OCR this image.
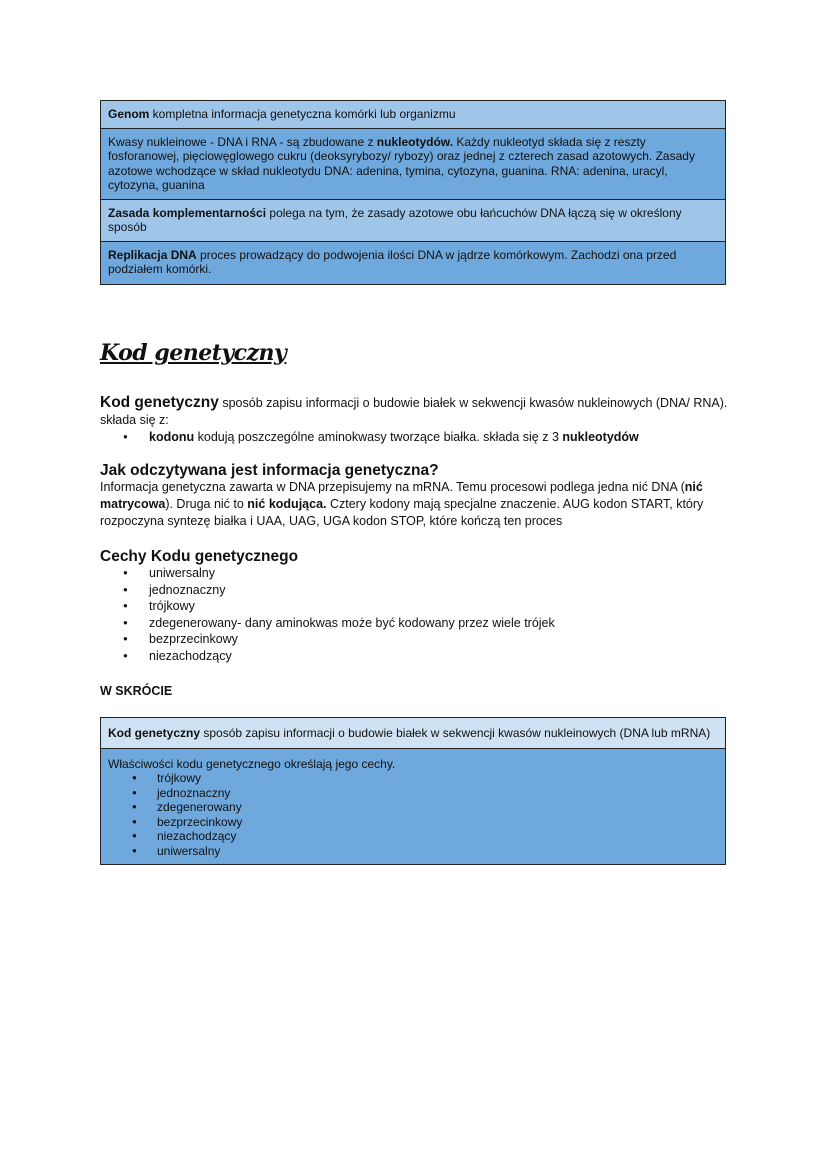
Genom kompletna informacja genetyczna komórki lub organizmu
Kwasy nukleinowe - DNA i RNA - są zbudowane z nukleotydów. Każdy nukleotyd składa się z reszty fosforanowej, pięciowęglowego cukru (deoksyrybozy/ rybozy) oraz jednej z czterech zasad azotowych. Zasady azotowe wchodzące w skład nukleotydu DNA: adenina, tymina, cytozyna, guanina. RNA: adenina, uracyl, cytozyna, guanina
Zasada komplementarności polega na tym, że zasady azotowe obu łańcuchów DNA łączą się w określony sposób
Replikacja DNA proces prowadzący do podwojenia ilości DNA w jądrze komórkowym. Zachodzi ona przed podziałem komórki.
Kod genetyczny
Kod genetyczny sposób zapisu informacji o budowie białek w sekwencji kwasów nukleinowych (DNA/ RNA). składa się z:
● kodonu kodują poszczególne aminokwasy tworzące białka. składa się z 3 nukleotydów
Jak odczytywana jest informacja genetyczna?
Informacja genetyczna zawarta w DNA przepisujemy na mRNA. Temu procesowi podlega jedna nić DNA (nić matrycowa). Druga nić to nić kodująca. Cztery kodony mają specjalne znaczenie. AUG kodon START, który rozpoczyna syntezę białka i UAA, UAG, UGA kodon STOP, które kończą ten proces
Cechy Kodu genetycznego
● uniwersalny
● jednoznaczny
● trójkowy
● zdegenerowany- dany aminokwas może być kodowany przez wiele trójek
● bezprzecinkowy
● niezachodzący
W SKRÓCIE
Kod genetyczny sposób zapisu informacji o budowie białek w sekwencji kwasów nukleinowych (DNA lub mRNA)
Właściwości kodu genetycznego określają jego cechy.
● trójkowy
● jednoznaczny
● zdegenerowany
● bezprzecinkowy
● niezachodzący
● uniwersalny
